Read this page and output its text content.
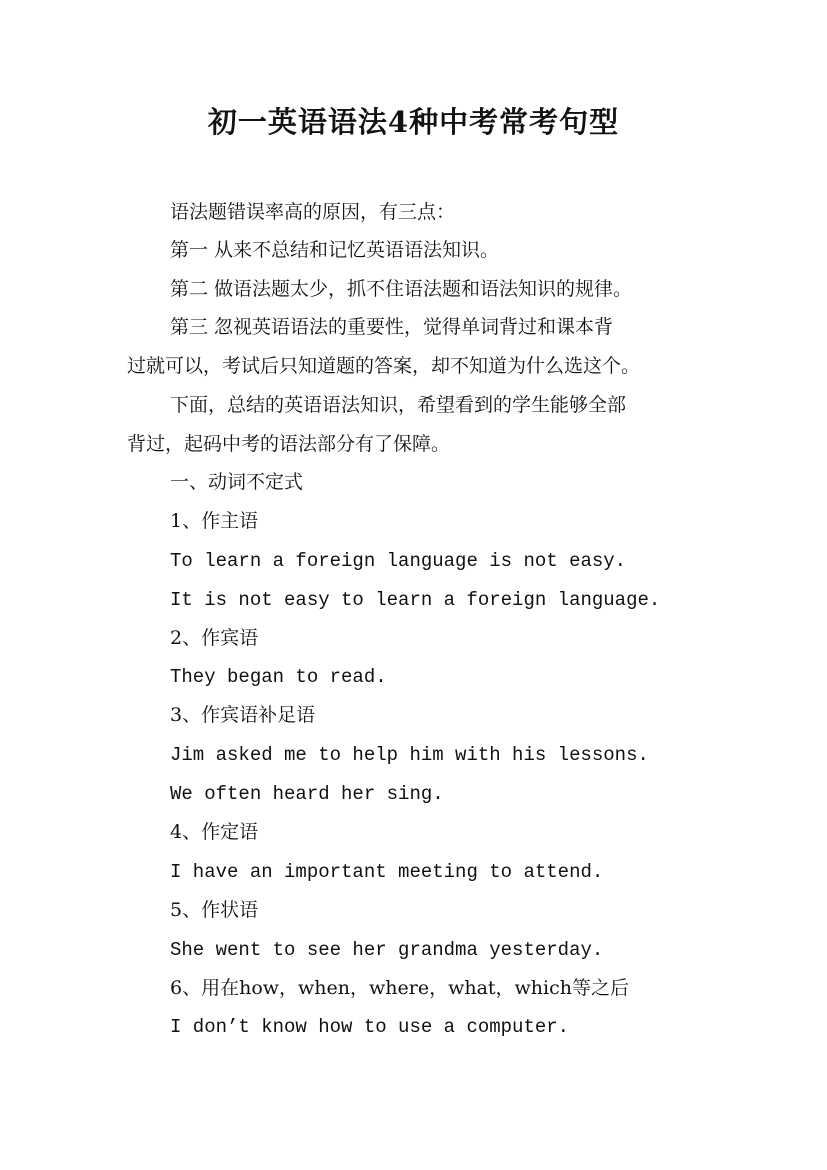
初一英语语法4种中考常考句型
语法题错误率高的原因，有三点：
第一 从来不总结和记忆英语语法知识。
第二 做语法题太少，抓不住语法题和语法知识的规律。
第三 忽视英语语法的重要性，觉得单词背过和课本背
过就可以，考试后只知道题的答案，却不知道为什么选这个。
下面，总结的英语语法知识，希望看到的学生能够全部
背过，起码中考的语法部分有了保障。
一、动词不定式
1、作主语
To learn a foreign language is not easy.
It is not easy to learn a foreign language.
2、作宾语
They began to read.
3、作宾语补足语
Jim asked me to help him with his lessons.
We often heard her sing.
4、作定语
I have an important meeting to attend.
5、作状语
She went to see her grandma yesterday.
6、用在how，when，where，what，which等之后
I don’t know how to use a computer.
